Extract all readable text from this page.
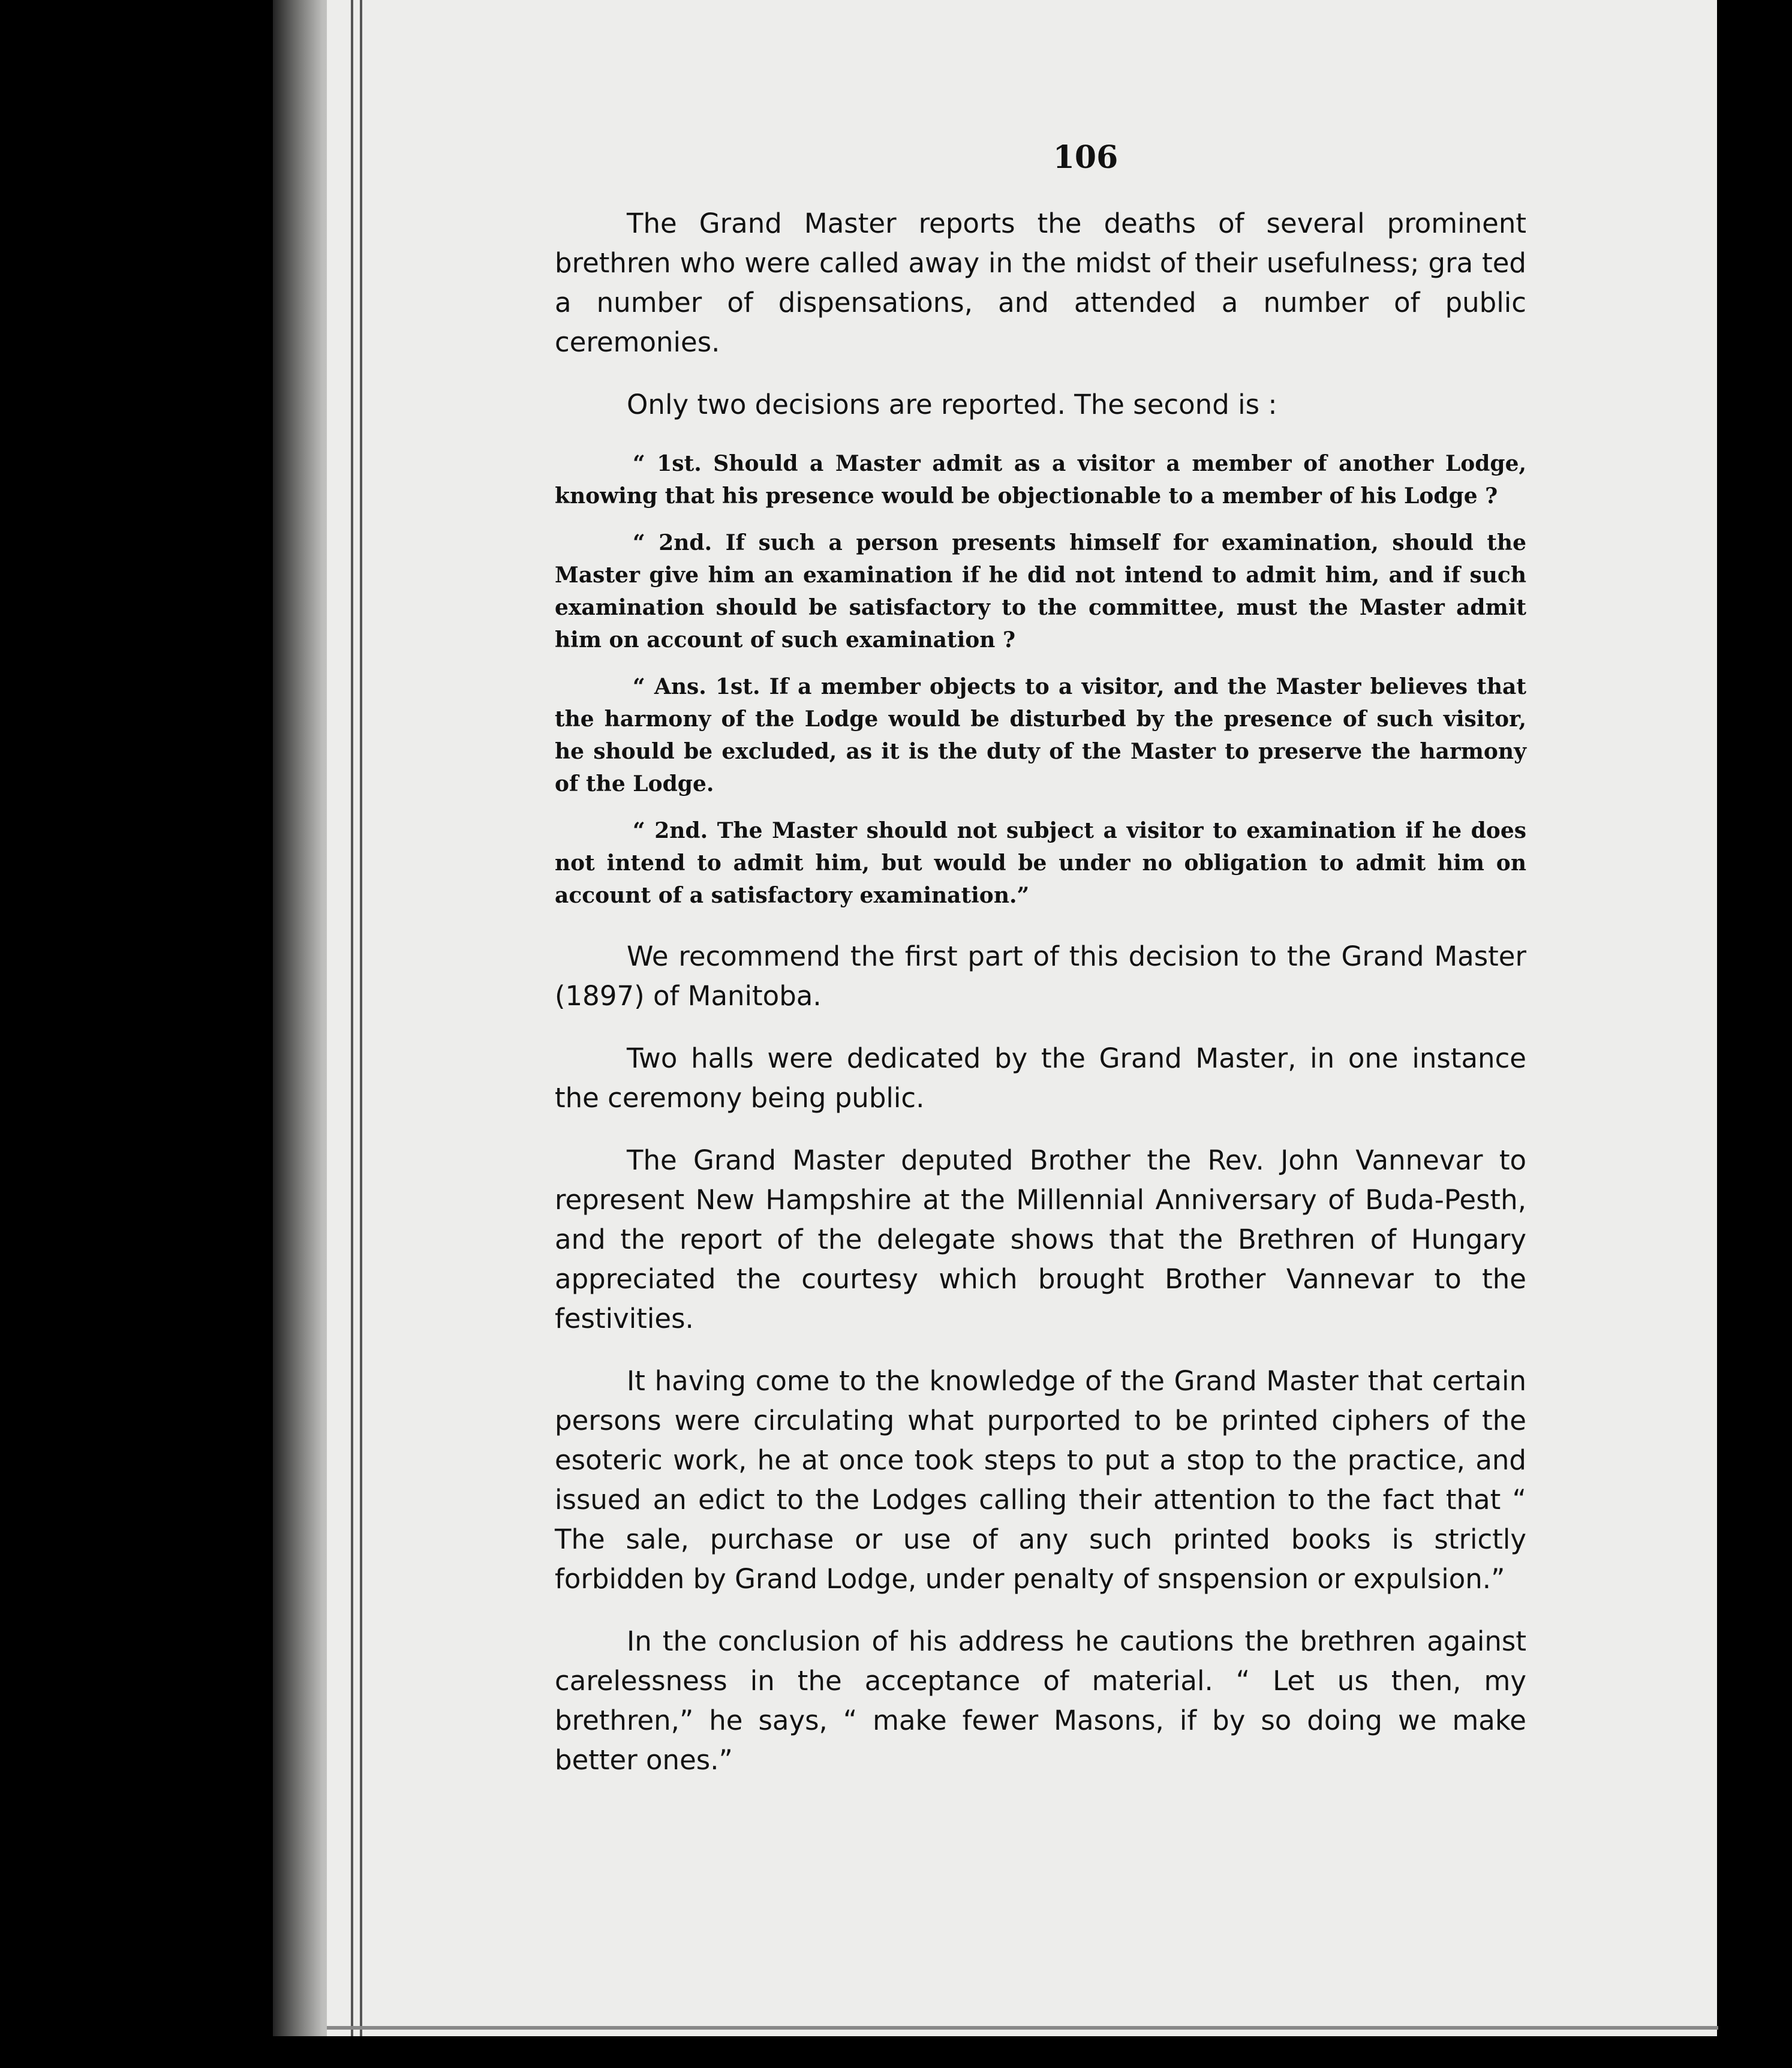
106

The Grand Master reports the deaths of several prominent brethren who were called away in the midst of their usefulness; gra ted a number of dispensations, and attended a number of public ceremonies.

Only two decisions are reported. The second is :

“ 1st. Should a Master admit as a visitor a member of another Lodge, knowing that his presence would be objectionable to a member of his Lodge ?

“ 2nd. If such a person presents himself for examination, should the Master give him an examination if he did not intend to admit him, and if such examination should be satisfactory to the committee, must the Master admit him on account of such examination ?

“ Ans. 1st. If a member objects to a visitor, and the Master believes that the harmony of the Lodge would be disturbed by the presence of such visitor, he should be excluded, as it is the duty of the Master to preserve the harmony of the Lodge.

“ 2nd. The Master should not subject a visitor to examination if he does not intend to admit him, but would be under no obligation to admit him on account of a satisfactory examination.”

We recommend the first part of this decision to the Grand Master (1897) of Manitoba.

Two halls were dedicated by the Grand Master, in one instance the ceremony being public.

The Grand Master deputed Brother the Rev. John Vannevar to represent New Hampshire at the Millennial Anniversary of Buda-Pesth, and the report of the delegate shows that the Brethren of Hungary appreciated the courtesy which brought Brother Vannevar to the festivities.

It having come to the knowledge of the Grand Master that certain persons were circulating what purported to be printed ciphers of the esoteric work, he at once took steps to put a stop to the practice, and issued an edict to the Lodges calling their attention to the fact that “ The sale, purchase or use of any such printed books is strictly forbidden by Grand Lodge, under penalty of snspension or expulsion.”

In the conclusion of his address he cautions the brethren against carelessness in the acceptance of material. “ Let us then, my brethren,” he says, “ make fewer Masons, if by so doing we make better ones.”
